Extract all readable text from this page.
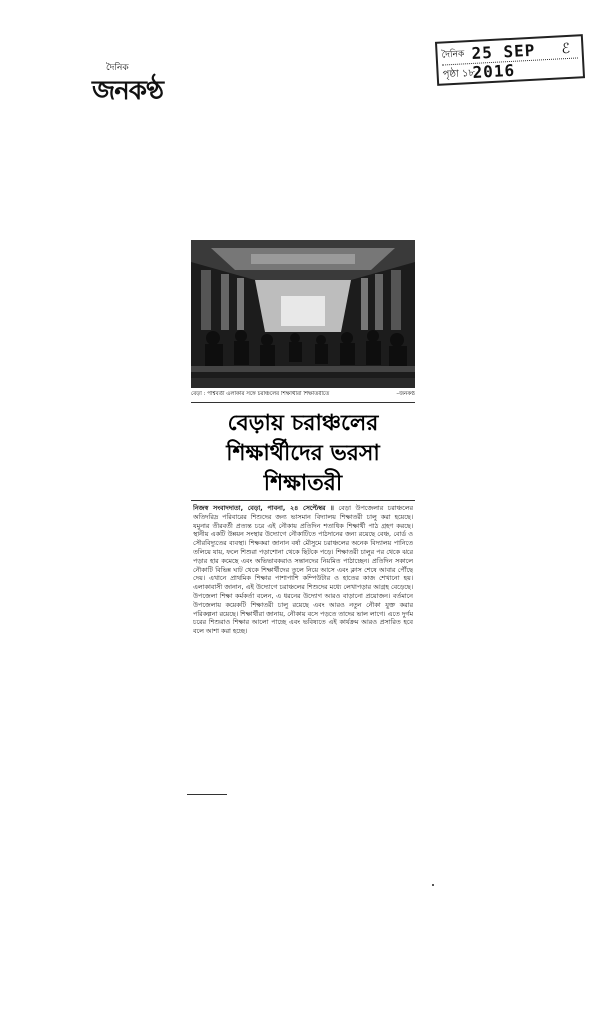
দৈনিক
জনকণ্ঠ
দৈনিক 25 SEP 2016
ℰ
পৃষ্ঠা ১৮
বেড়া : পার্শ্ববর্তী এলাকার সঙ্গে চরাঞ্চলের শিক্ষার্থীরা শিক্ষাতরীতে	–জনকণ্ঠ
বেড়ায় চরাঞ্চলের
শিক্ষার্থীদের ভরসা
শিক্ষাতরী
নিজস্ব সংবাদদাতা, বেড়া, পাবনা, ২৪ সেপ্টেম্বর ॥ বেড়া উপজেলার চরাঞ্চলের অতিদরিদ্র পরিবারের শিশুদের জন্য ভাসমান বিদ্যালয় শিক্ষাতরী চালু করা হয়েছে। যমুনার তীরবর্তী প্রত্যন্ত চরে এই নৌকায় প্রতিদিন শতাধিক শিক্ষার্থী পাঠ গ্রহণ করছে। স্থানীয় একটি উন্নয়ন সংস্থার উদ্যোগে নৌকাটিতে পাঠদানের জন্য রয়েছে বেঞ্চ, বোর্ড ও সৌরবিদ্যুতের ব্যবস্থা। শিক্ষকরা জানান বর্ষা মৌসুমে চরাঞ্চলের অনেক বিদ্যালয় পানিতে তলিয়ে যায়, ফলে শিশুরা পড়াশোনা থেকে ছিটকে পড়ে। শিক্ষাতরী চালুর পর থেকে ঝরে পড়ার হার কমেছে এবং অভিভাবকরাও সন্তানদের নিয়মিত পাঠাচ্ছেন। প্রতিদিন সকালে নৌকাটি বিভিন্ন ঘাট থেকে শিক্ষার্থীদের তুলে নিয়ে আসে এবং ক্লাস শেষে আবার পৌঁছে দেয়। এখানে প্রাথমিক শিক্ষার পাশাপাশি কম্পিউটার ও হাতের কাজ শেখানো হয়। এলাকাবাসী জানান, এই উদ্যোগে চরাঞ্চলের শিশুদের মধ্যে লেখাপড়ার আগ্রহ বেড়েছে। উপজেলা শিক্ষা কর্মকর্তা বলেন, এ ধরনের উদ্যোগ আরও বাড়ানো প্রয়োজন। বর্তমানে উপজেলায় কয়েকটি শিক্ষাতরী চালু রয়েছে এবং আরও নতুন নৌকা যুক্ত করার পরিকল্পনা রয়েছে। শিক্ষার্থীরা জানায়, নৌকায় বসে পড়তে তাদের ভাল লাগে। এতে দুর্গম চরের শিশুরাও শিক্ষার আলো পাচ্ছে এবং ভবিষ্যতে এই কার্যক্রম আরও প্রসারিত হবে বলে আশা করা হচ্ছে।
